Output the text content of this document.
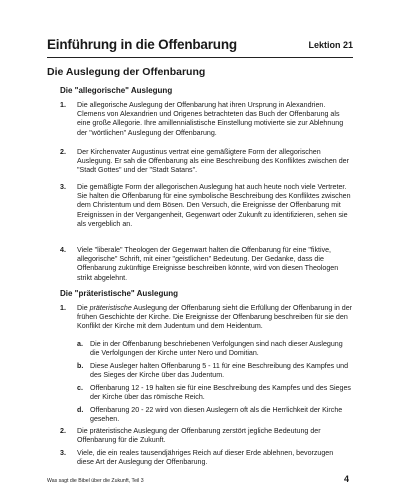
Einführung in die Offenbarung	Lektion 21
Die Auslegung der Offenbarung
Die "allegorische" Auslegung
1. Die allegorische Auslegung der Offenbarung hat ihren Ursprung in Alexandrien. Clemens von Alexandrien und Origenes betrachteten das Buch der Offenbarung als eine große Allegorie. Ihre amillennialistische Einstellung motivierte sie zur Ablehnung der "wörtlichen" Auslegung der Offenbarung.
2. Der Kirchenvater Augustinus vertrat eine gemäßigtere Form der allegorischen Auslegung. Er sah die Offenbarung als eine Beschreibung des Konfliktes zwischen der "Stadt Gottes" und der "Stadt Satans".
3. Die gemäßigte Form der allegorischen Auslegung hat auch heute noch viele Vertreter. Sie halten die Offenbarung für eine symbolische Beschreibung des Konfliktes zwischen dem Christentum und dem Bösen. Den Versuch, die Ereignisse der Offenbarung mit Ereignissen in der Vergangenheit, Gegenwart oder Zukunft zu identifizieren, sehen sie als vergeblich an.
4. Viele "liberale" Theologen der Gegenwart halten die Offenbarung für eine "fiktive, allegorische" Schrift, mit einer "geistlichen" Bedeutung. Der Gedanke, dass die Offenbarung zukünftige Ereignisse beschreiben könnte, wird von diesen Theologen strikt abgelehnt.
Die "präteristische" Auslegung
1. Die präteristische Auslegung der Offenbarung sieht die Erfüllung der Offenbarung in der frühen Geschichte der Kirche. Die Ereignisse der Offenbarung beschreiben für sie den Konflikt der Kirche mit dem Judentum und dem Heidentum.
a. Die in der Offenbarung beschriebenen Verfolgungen sind nach dieser Auslegung die Verfolgungen der Kirche unter Nero und Domitian.
b. Diese Ausleger halten Offenbarung 5 - 11 für eine Beschreibung des Kampfes und des Sieges der Kirche über das Judentum.
c. Offenbarung 12 - 19 halten sie für eine Beschreibung des Kampfes und des Sieges der Kirche über das römische Reich.
d. Offenbarung 20 - 22 wird von diesen Auslegern oft als die Herrlichkeit der Kirche gesehen.
2. Die präteristische Auslegung der Offenbarung zerstört jegliche Bedeutung der Offenbarung für die Zukunft.
3. Viele, die ein reales tausendjähriges Reich auf dieser Erde ablehnen, bevorzugen diese Art der Auslegung der Offenbarung.
Was sagt die Bibel über die Zukunft, Teil 3	4
